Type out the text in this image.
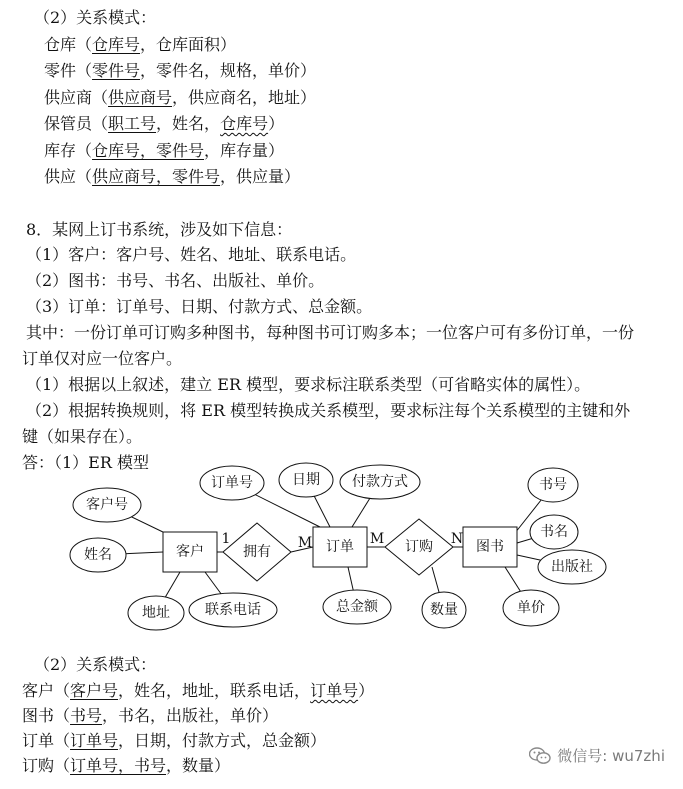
（2）关系模式：
仓库（仓库号，仓库面积）
零件（零件号，零件名，规格，单价）
供应商（供应商号，供应商名，地址）
保管员（职工号，姓名，仓库号）
库存（仓库号，零件号，库存量）
供应（供应商号，零件号，供应量）
8．某网上订书系统，涉及如下信息：
（1）客户：客户号、姓名、地址、联系电话。
（2）图书：书号、书名、出版社、单价。
（3）订单：订单号、日期、付款方式、总金额。
其中：一份订单可订购多种图书，每种图书可订购多本；一位客户可有多份订单，一份
订单仅对应一位客户。
（1）根据以上叙述，建立 ER 模型，要求标注联系类型（可省略实体的属性）。
（2）根据转换规则，将 ER 模型转换成关系模型，要求标注每个关系模型的主键和外
键（如果存在）。
答：（1）ER 模型
客户	订单	图书
拥有	订购
客户号
姓名
地址	联系电话
订单号	日期 付款方式
总金额	数量
书号
书名
出版社
单价
1	M	M	N
（2）关系模式：
客户（客户号，姓名，地址，联系电话，订单号）
图书（书号，书名，出版社，单价）
订单（订单号，日期，付款方式，总金额）
订购（订单号，书号，数量）	微信号: wu7zhi
